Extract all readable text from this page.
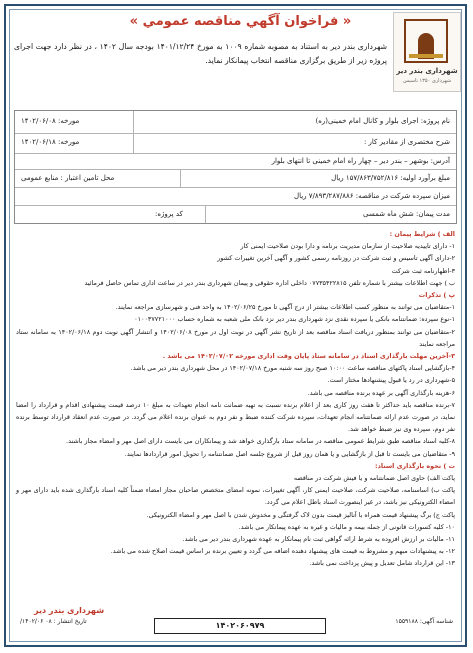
شهرداری بندر دیر
شهرداری ۱۳۵۰ تاسیس
« فراخوان آگهي مناقصه عمومي »
شهرداری بندر دیر به استناد به مصوبه شماره ۱۰۰۹ به مورخ ۱۴۰۱/۱۲/۲۴ بودجه سال ۱۴۰۲ ، در نظر دارد جهت اجرای پروژه زیر از طریق برگزاری مناقصه انتخاب پیمانکار نماید.
نام پروژه: اجرای بلوار و کانال امام خمینی(ره)
مورخه: ۱۴۰۲/۰۶/۰۸
شرح مختصری از مقادیر کار :
مورخه: ۱۴۰۲/۰۶/۱۸
آدرس: بوشهر – بندر دیر – چهار راه امام خمینی تا انتهای بلوار
مبلغ برآورد اولیه: ۱۵۷/۸۶۳/۷۵۲/۸۱۶ ریال
محل تامین اعتبار : منابع عمومی
میزان سپرده شرکت در مناقصه: ۷/۸۹۳/۲۸۷/۸۸۶ ریال
مدت پیمان: شش ماه شمسی
کد پروژه:
الف ) شرایط پیمان :
۱- دارای تاییدیه صلاحیت از سازمان مدیریت برنامه و دارا بودن صلاحیت ایمنی کار
۲-دارای آگهی تاسیس و ثبت شرکت در روزنامه رسمی کشور و آگهی آخرین تغییرات کشور
۳-اظهارنامه ثبت شرکت
ب ) جهت اطلاعات بیشتر با شماره تلفن ۰۷۷۳۵۴۲۲۸۱۵ داخلی اداره حقوقی و پیمان شهرداری بندر دیر در ساعت اداری تماس حاصل فرمائید
پ ) تذکرات
۱-متقاضیان می توانند به منظور کسب اطلاعات بیشتر از درج آگهی تا مورخ ۱۴۰۲/۰۶/۲۵ به واحد فنی و شهرسازی مراجعه نمایند.
۱-نوع سپرده: ضمانتنامه بانکی یا سپرده نقدی نزد شهرداری بندر دیر نزد بانک ملی شعبه به شماره حساب ۰۱۰۰۳۷۷۲۱۰۰۰
۲-متقاضیان می توانند بمنظور دریافت اسناد مناقصه بعد از تاریخ نشر آگهی در نوبت اول در مورخ ۱۴۰۲/۰۶/۰۸ و انتشار آگهی نوبت دوم ۱۴۰۲/۰۶/۱۸ به سامانه ستاد مراجعه نمایند
۳-آخرین مهلت بارگذاری اسناد در سامانه ستاد پایان وقت اداری مورخه ۱۴۰۲/۰۷/۰۲ می باشد .
۴-بازگشایی اسناد پاکتهای مناقصه ساعت ۱۰:۰۰ صبح روز سه شنبه مورخ ۱۴۰۲/۰۷/۱۸ در محل شهرداری بندر دیر می باشد.
۵-شهرداری در رد یا قبول پیشنهادها مختار است.
۶-هزینه بارگذاری آگهی بر عهده برنده مناقصه می باشد.
۷-برنده مناقصه باید حداکثر تا هفت روز کاری بعد از اعلام برنده نسبت به تهیه ضمانت نامه انجام تعهدات به مبلغ ۱۰ درصد قیمت پیشنهادی اقدام و قرارداد را امضا نماید، در صورت عدم ارائه ضمانتنامه انجام تعهدات، سپرده شرکت کننده ضبط و نفر دوم به عنوان برنده اعلام می گردد. در صورت عدم انعقاد قرارداد توسط برنده نفر دوم، سپرده وی نیز ضبط خواهد شد.
۸-کلیه اسناد مناقصه طبق شرایط عمومی مناقصه در سامانه ستاد بارگذاری خواهد شد و پیمانکاران می بایست دارای اصل مهر و امضاء مجاز باشند.
۹- متقاضیان می بایست تا قبل از بازگشایی و یا همان روز قبل از شروع جلسه اصل ضمانتنامه را تحویل امور قراردادها نمایند.
ت ) نحوه بارگذاری اسناد:
پاکت الف) حاوی اصل ضمانتنامه و یا فیش شرکت در مناقصه
پاکت ب) اساسنامه، صلاحیت شرکت، صلاحیت ایمنی کار، آگهی تغییرات، نمونه امضای متخصص صاحبان مجاز امضاء ضمناً کلیه اسناد بارگذاری شده باید دارای مهر و امضاء الکترونیکی نیز باشد، در غیر اینصورت اسناد باطل اعلام می گردد.
پاکت ج) برگ پیشنهاد قیمت همراه با آنالیز قیمت بدون لاک گرفتگی و مخدوش شدن با اصل مهر و امضاء الکترونیکی.
۱۰- کلیه کسورات قانونی از جمله بیمه و مالیات و غیره به عهده پیمانکار می باشد.
۱۱- مالیات بر ارزش افزوده به شرط ارائه گواهی ثبت نام پیمانکار به عهده شهرداری بندر دیر می باشد.
۱۲- به پیشنهادات مبهم و مشروط به قیمت های پیشنهاد دهنده اضافه می گردد و تعیین برنده بر اساس قیمت اصلاح شده می باشد.
۱۳- این قرارداد شامل تعدیل و پیش پرداخت نمی باشد.
شهرداری بندر دیر
شناسه آگهی: ۱۵۵۹۱۸۸
۱۴۰۲۰۶۰۹۷۹
تاریخ انتشار : ۰۸ ۱۴۰۲/۰۶/
